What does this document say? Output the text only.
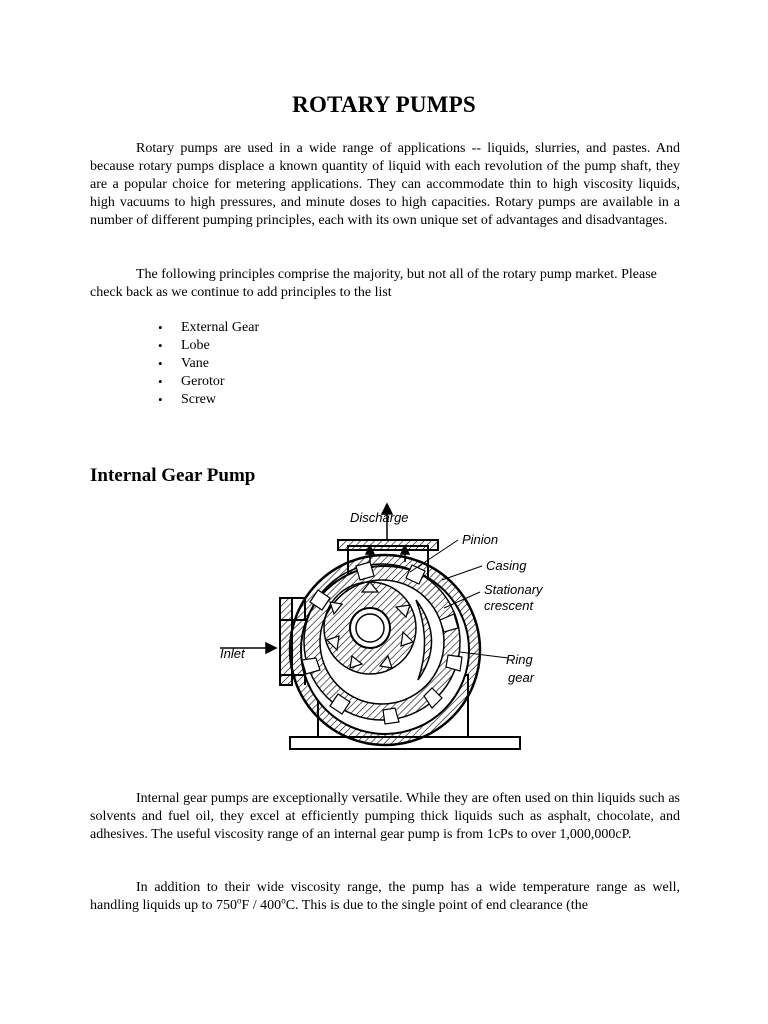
ROTARY PUMPS

Rotary pumps are used in a wide range of applications -- liquids, slurries, and pastes. And because rotary pumps displace a known quantity of liquid with each revolution of the pump shaft, they are a popular choice for metering applications. They can accommodate thin to high viscosity liquids, high vacuums to high pressures, and minute doses to high capacities. Rotary pumps are available in a number of different pumping principles, each with its own unique set of advantages and disadvantages.

The following principles comprise the majority, but not all of the rotary pump market. Please check back as we continue to add principles to the list

• External Gear
• Lobe
• Vane
• Gerotor
• Screw
Internal Gear Pump
Discharge
Pinion
Casing
Stationary
crescent
Inlet	Ring
gear

Internal gear pumps are exceptionally versatile. While they are often used on thin liquids such as solvents and fuel oil, they excel at efficiently pumping thick liquids such as asphalt, chocolate, and adhesives. The useful viscosity range of an internal gear pump is from 1cPs to over 1,000,000cP.

In addition to their wide viscosity range, the pump has a wide temperature range as well, handling liquids up to 750$^o$F / 400$^o$C. This is due to the single point of end clearance (the
